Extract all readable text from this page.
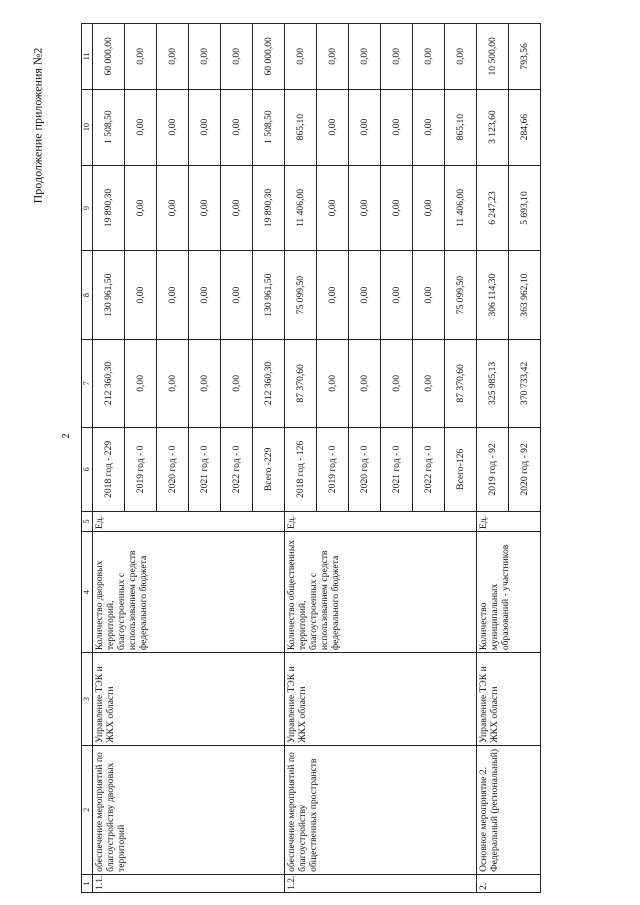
2
Продолжение приложения №2
1	2	3	4	5	6	7	8	9	10	11
1.1.	обеспечение мероприятий по благоустройству дворовых территорий	Управление ТЭК и ЖКХ области	Количество дворовых территорий, благоустроенных с использованием средств федерального бюджета	Ед.	2018 год - 229	212 360,30	130 961,50	19 890,30	1 508,50	60 000,00
					2019 год - 0	0,00	0,00	0,00	0,00	0,00
					2020 год - 0	0,00	0,00	0,00	0,00	0,00
					2021 год - 0	0,00	0,00	0,00	0,00	0,00
					2022 год - 0	0,00	0,00	0,00	0,00	0,00
					Всего -229	212 360,30	130 961,50	19 890,30	1 508,50	60 000,00
1.2.	обеспечение мероприятий по благоустройству общественных пространств	Управление ТЭК и ЖКХ области	Количество общественных территорий, благоустроенных с использованием средств федерального бюджета	Ед.	2018 год - 126	87 370,60	75 099,50	11 406,00	865,10	0,00
					2019 год - 0	0,00	0,00	0,00	0,00	0,00
					2020 год - 0	0,00	0,00	0,00	0,00	0,00
					2021 год - 0	0,00	0,00	0,00	0,00	0,00
					2022 год - 0	0,00	0,00	0,00	0,00	0,00
					Всего-126	87 370,60	75 099,50	11 406,00	865,10	0,00
2.	Основное мероприятие 2. Федеральный (региональный)	Управление ТЭК и ЖКХ области	Количество муниципальных образований - участников	Ед.	2019 год - 92	325 985,13	306 114,30	6 247,23	3 123,60	10 500,00
					2020 год - 92	370 733,42	363 962,10	5 693,10	284,66	793,56
